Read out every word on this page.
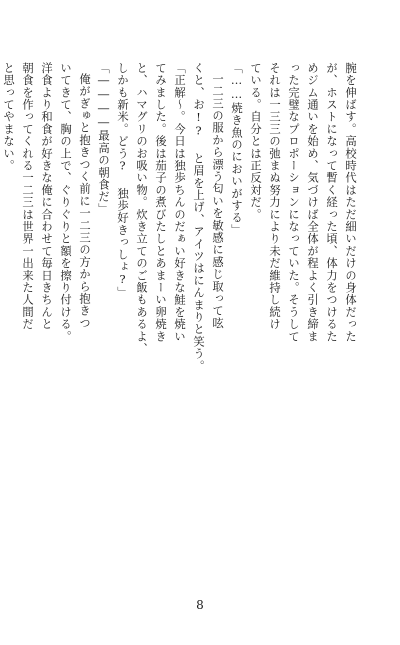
腕を伸ばす。高校時代はただ細いだけの身体だった
が、ホストになって暫く経った頃、体力をつけるた
めジム通いを始め、気づけば全体が程よく引き締ま
った完璧なプロポーションになっていた。そうして
それは一三三の弛まぬ努力により未だ維持し続け
ている。自分とは正反対だ。
「……焼き魚のにおいがする」
一二三の服から漂う匂いを敏感に感じ取って呟
くと、お!? と眉を上げ、アイツはにんまりと笑う。
「正解〜。今日は独歩ちんのだぁい好きな鮭を焼い
てみました。後は茄子の煮びたしとあまーい卵焼き
と、ハマグリのお吸い物。炊き立てのご飯もあるよ、
しかも新米。どう? 独歩好きっしょ?」
「――――最高の朝食だ」
俺がぎゅと抱きつく前に一二三の方から抱きつ
いてきて、胸の上で、ぐりぐりと額を擦り付ける。
洋食より和食が好きな俺に合わせて毎日きちんと
朝食を作ってくれる一二三は世界一出来た人間だ
と思ってやまない。
8
